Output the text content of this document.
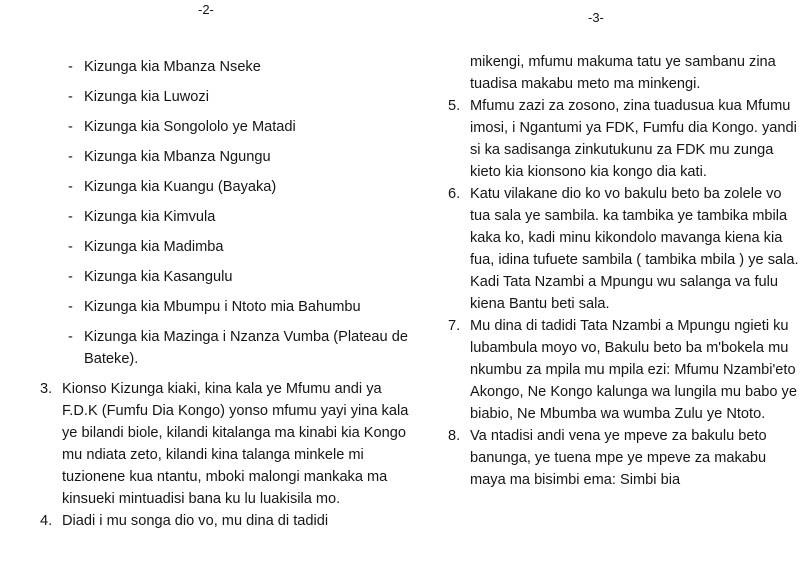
-2-
- Kizunga kia Mbanza Nseke
- Kizunga kia Luwozi
- Kizunga kia Songololo ye Matadi
- Kizunga kia Mbanza Ngungu
- Kizunga kia Kuangu (Bayaka)
- Kizunga kia Kimvula
- Kizunga kia Madimba
- Kizunga kia Kasangulu
- Kizunga kia Mbumpu i Ntoto mia Bahumbu
- Kizunga kia Mazinga i Nzanza Vumba (Plateau de Bateke).
3. Kionso Kizunga kiaki, kina kala ye Mfumu andi ya F.D.K (Fumfu Dia Kongo) yonso mfumu yayi yina kala ye bilandi biole, kilandi kitalanga ma kinabi kia Kongo mu ndiata zeto, kilandi kina talanga minkele mi tuzionene kua ntantu, mboki malongi mankaka ma kinsueki mintuadisi bana ku lu luakisila mo.
4. Diadi i mu songa dio vo, mu dina di tadidi
-3-
mikengi, mfumu makuma tatu ye sambanu zina tuadisa makabu meto ma minkengi.
5. Mfumu zazi za zosono, zina tuadusua kua Mfumu imosi, i Ngantumi ya FDK, Fumfu dia Kongo. yandi si ka sadisanga zinkutukunu za FDK mu zunga kieto kia kionsono kia kongo dia kati.
6. Katu vilakane dio ko vo bakulu beto ba zolele vo tua sala ye sambila. ka tambika ye tambika mbila kaka ko, kadi minu kikondolo mavanga kiena kia fua, idina tufuete sambila ( tambika mbila ) ye sala. Kadi Tata Nzambi a Mpungu wu salanga va fulu kiena Bantu beti sala.
7. Mu dina di tadidi Tata Nzambi a Mpungu ngieti ku lubambula moyo vo, Bakulu beto ba m'bokela mu nkumbu za mpila mu mpila ezi: Mfumu Nzambi'eto Akongo, Ne Kongo kalunga wa lungila mu babo ye biabio, Ne Mbumba wa wumba Zulu ye Ntoto.
8. Va ntadisi andi vena ye mpeve za bakulu beto banunga, ye tuena mpe ye mpeve za makabu maya ma bisimbi ema: Simbi bia
